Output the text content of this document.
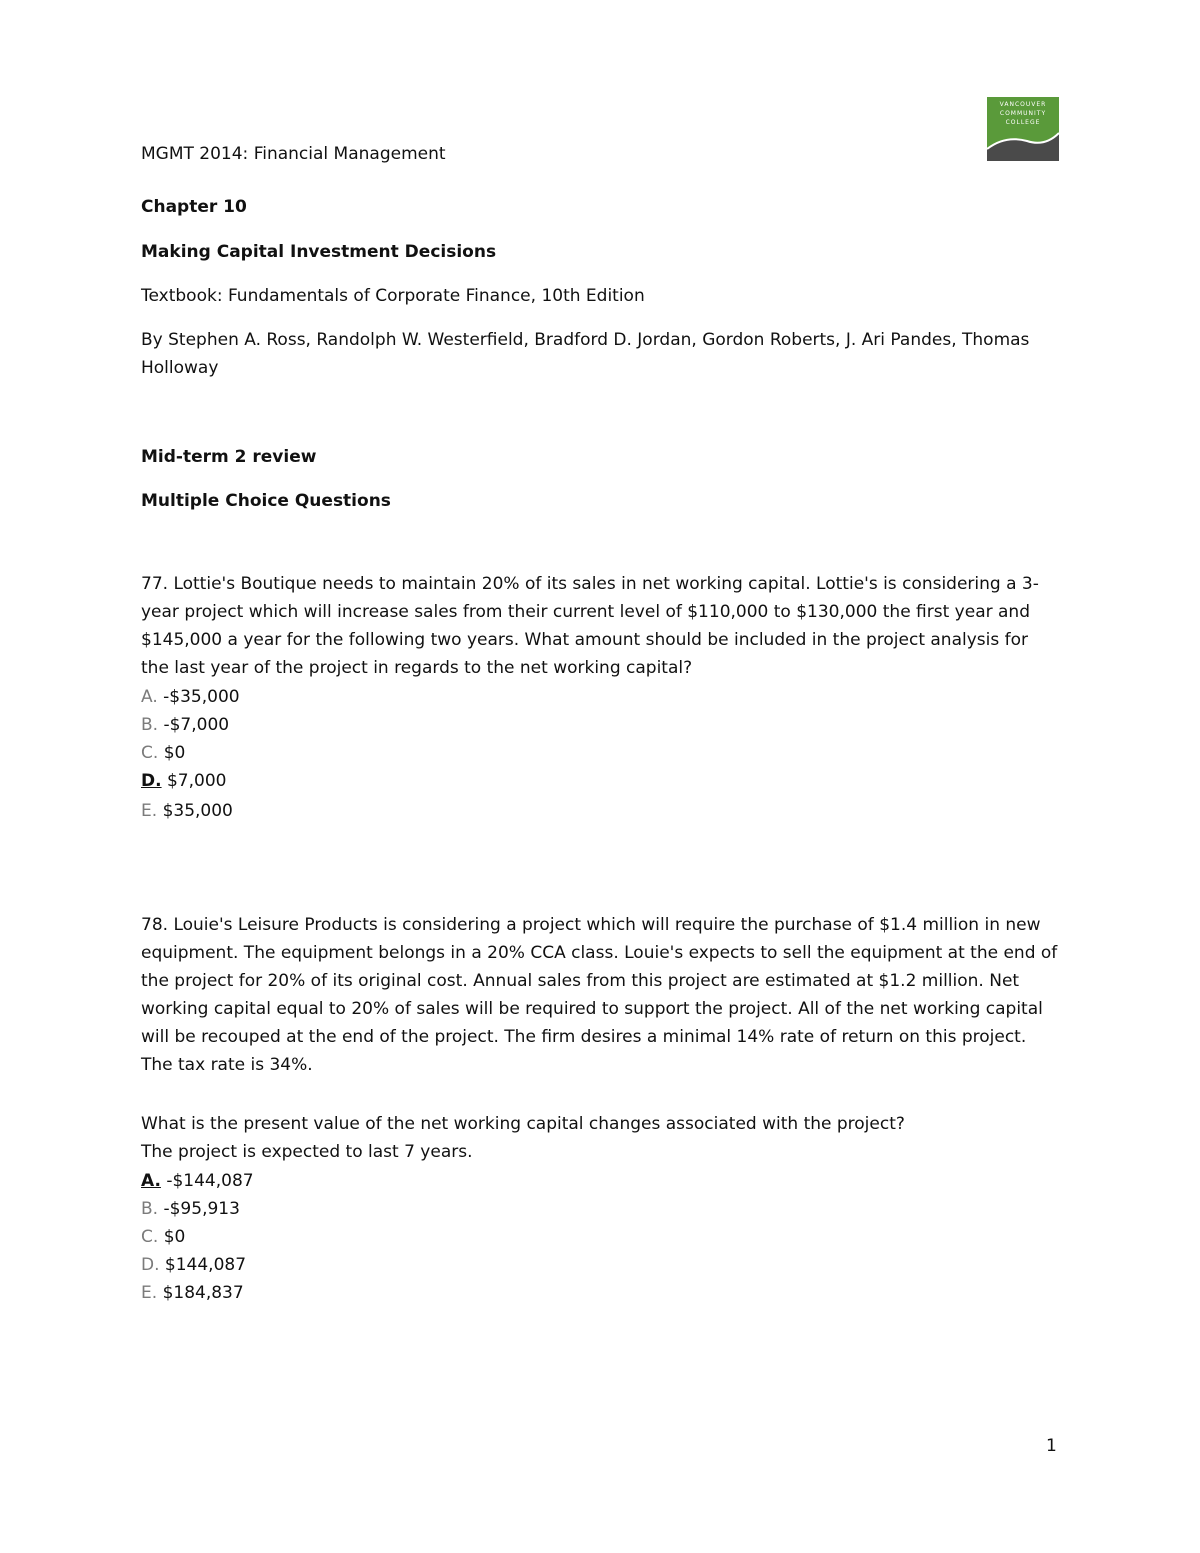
MGMT 2014: Financial Management
VANCOUVER
COMMUNITY
COLLEGE
Chapter 10
Making Capital Investment Decisions
Textbook: Fundamentals of Corporate Finance, 10th Edition
By Stephen A. Ross, Randolph W. Westerfield, Bradford D. Jordan, Gordon Roberts, J. Ari Pandes, Thomas
Holloway
Mid-term 2 review
Multiple Choice Questions

77. Lottie's Boutique needs to maintain 20% of its sales in net working capital. Lottie's is considering a 3-year project which will increase sales from their current level of $110,000 to $130,000 the first year and $145,000 a year for the following two years. What amount should be included in the project analysis for the last year of the project in regards to the net working capital?

A. -$35,000
B. -$7,000
C. $0
D. $7,000
E. $35,000

78. Louie's Leisure Products is considering a project which will require the purchase of $1.4 million in new equipment. The equipment belongs in a 20% CCA class. Louie's expects to sell the equipment at the end of the project for 20% of its original cost. Annual sales from this project are estimated at $1.2 million. Net working capital equal to 20% of sales will be required to support the project. All of the net working capital will be recouped at the end of the project. The firm desires a minimal 14% rate of return on this project. The tax rate is 34%.

What is the present value of the net working capital changes associated with the project?
The project is expected to last 7 years.
A. -$144,087
B. -$95,913
C. $0
D. $144,087
E. $184,837
1
